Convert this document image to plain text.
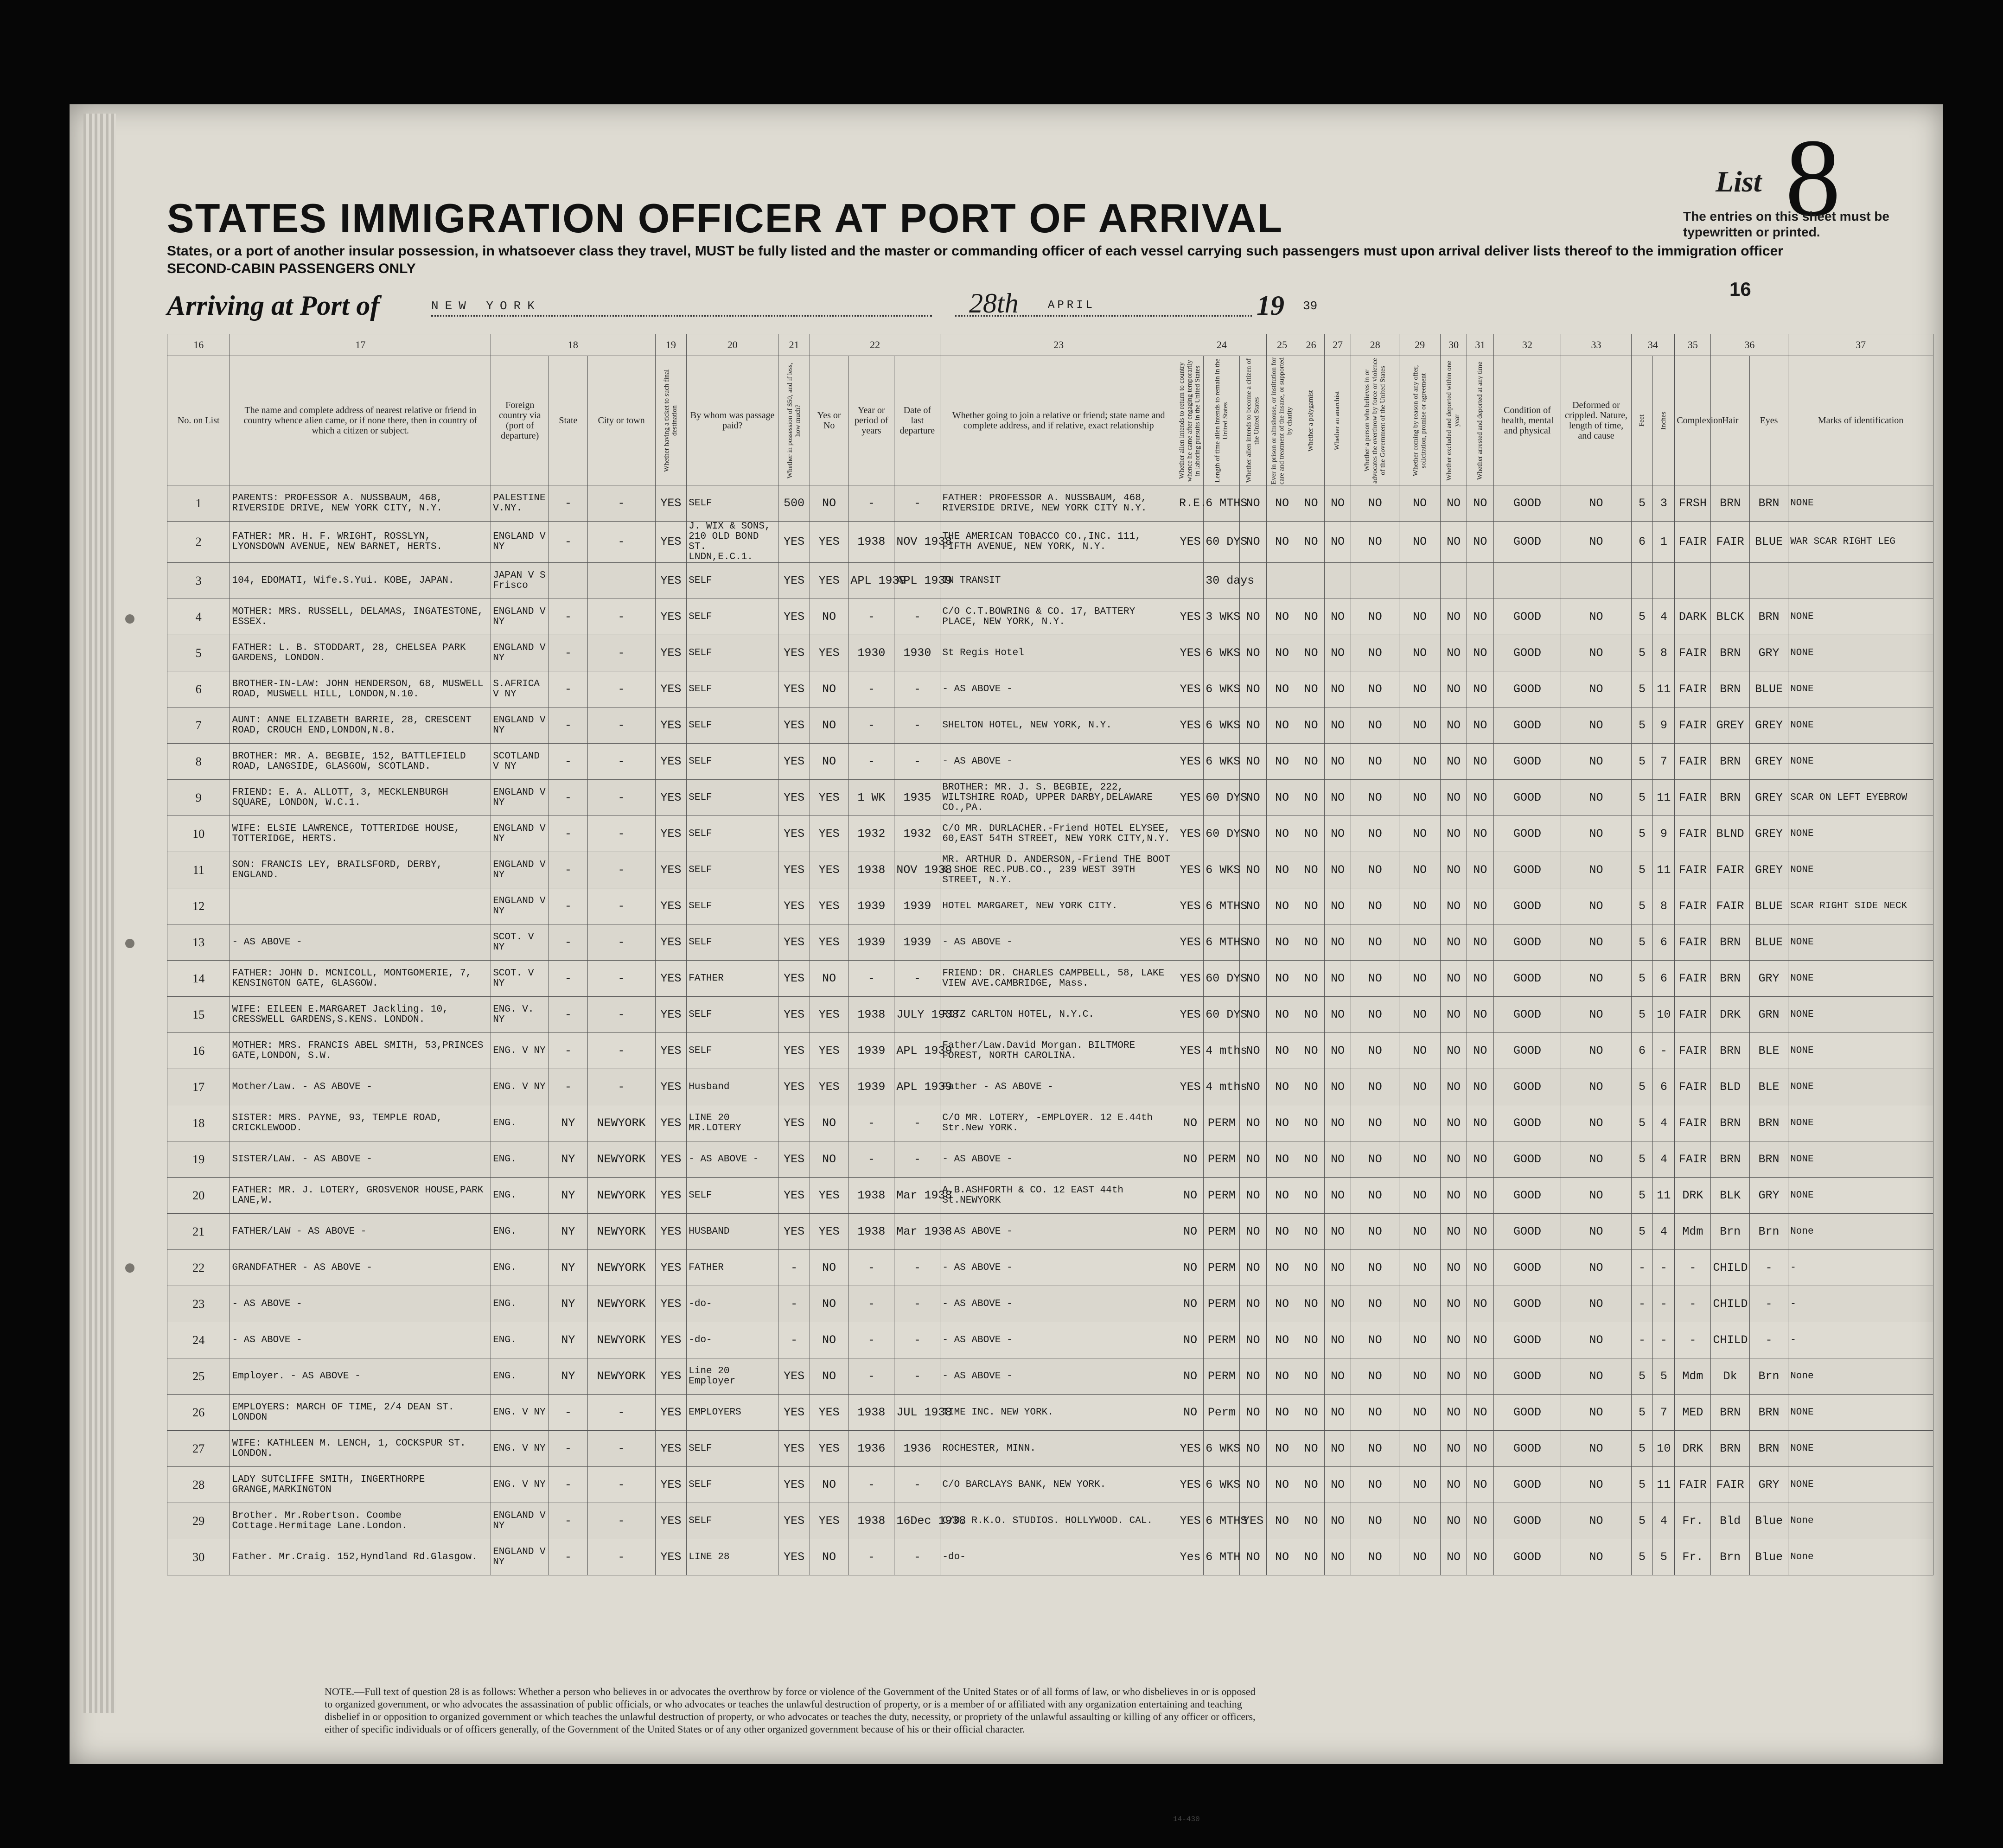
STATES IMMIGRATION OFFICER AT PORT OF ARRIVAL
States, or a port of another insular possession, in whatsoever class they travel, MUST be fully listed and the master or commanding officer of each vessel carrying such passengers must upon arrival deliver lists thereof to the immigration officer
SECOND-CABIN PASSENGERS ONLY
Arriving at Port of	NEW YORK	28th	APRIL	19 39
List 8
The entries on this sheet must be typewritten or printed.
16
16	17	18			19	20	21	22			23	24			25	26	27	28	29	30	31	32	33	34		35	36		37
No. on List	The name and complete address of nearest relative or friend in country whence alien came, or if none there, then in country of which a citizen or subject.	Foreign country via (port of departure)	State	City or town	Whether having a ticket to such final destination	By whom was passage paid?	Whether in possession of $50, and if less, how much?	Yes or No	Year or period of years	Date of last departure	Whether going to join a relative or friend; state name and complete address, and if relative, exact relationship	Whether alien intends to return to country whence he came after engaging temporarily in laboring pursuits in the United States	Length of time alien intends to remain in the United States	Whether alien intends to become a citizen of the United States	Ever in prison or almshouse, or institution for care and treatment of the insane, or supported by charity	Whether a polygamist	Whether an anarchist	Whether a person who believes in or advocates the overthrow by force or violence of the Government of the United States	Whether coming by reason of any offer, solicitation, promise or agreement	Whether excluded and deported within one year	Whether arrested and deported at any time	Condition of health, mental and physical	Deformed or crippled. Nature, length of time, and cause	Feet	Inches	Complexion	Hair	Eyes	Marks of identification
1	PARENTS: PROFESSOR A. NUSSBAUM, 468, RIVERSIDE DRIVE, NEW YORK CITY, N.Y.	PALESTINE V.NY.	-	-	YES	SELF	500	NO	-	-	FATHER: PROFESSOR A. NUSSBAUM, 468, RIVERSIDE DRIVE, NEW YORK CITY N.Y.	R.E.	6 MTHS	NO	NO	NO	NO	NO	NO	NO	NO	GOOD	NO	5	3	FRSH	BRN	BRN	NONE
2	FATHER: MR. H. F. WRIGHT, ROSSLYN, LYONSDOWN AVENUE, NEW BARNET, HERTS.	ENGLAND V NY	-	-	YES	J. WIX & SONS, 210 OLD BOND ST. LNDN,E.C.1.	YES	YES	1938	NOV 1938	THE AMERICAN TOBACCO CO.,INC. 111, FIFTH AVENUE, NEW YORK, N.Y.	YES	60 DYS	NO	NO	NO	NO	NO	NO	NO	NO	GOOD	NO	6	1	FAIR	FAIR	BLUE	WAR SCAR RIGHT LEG
3	104, EDOMATI, Wife.S.Yui. KOBE, JAPAN.	JAPAN V S Frisco			YES	SELF	YES	YES	APL 1939	APL 1939	IN TRANSIT		30 days																
4	MOTHER: MRS. RUSSELL, DELAMAS, INGATESTONE, ESSEX.	ENGLAND V NY	-	-	YES	SELF	YES	NO	-	-	C/O C.T.BOWRING & CO. 17, BATTERY PLACE, NEW YORK, N.Y.	YES	3 WKS	NO	NO	NO	NO	NO	NO	NO	NO	GOOD	NO	5	4	DARK	BLCK	BRN	NONE
5	FATHER: L. B. STODDART, 28, CHELSEA PARK GARDENS, LONDON.	ENGLAND V NY	-	-	YES	SELF	YES	YES	1930	1930	St Regis Hotel	YES	6 WKS	NO	NO	NO	NO	NO	NO	NO	NO	GOOD	NO	5	8	FAIR	BRN	GRY	NONE
6	BROTHER-IN-LAW: JOHN HENDERSON, 68, MUSWELL ROAD, MUSWELL HILL, LONDON,N.10.	S.AFRICA V NY	-	-	YES	SELF	YES	NO	-	-	- AS ABOVE -	YES	6 WKS	NO	NO	NO	NO	NO	NO	NO	NO	GOOD	NO	5	11	FAIR	BRN	BLUE	NONE
7	AUNT: ANNE ELIZABETH BARRIE, 28, CRESCENT ROAD, CROUCH END,LONDON,N.8.	ENGLAND V NY	-	-	YES	SELF	YES	NO	-	-	SHELTON HOTEL, NEW YORK, N.Y.	YES	6 WKS	NO	NO	NO	NO	NO	NO	NO	NO	GOOD	NO	5	9	FAIR	GREY	GREY	NONE
8	BROTHER: MR. A. BEGBIE, 152, BATTLEFIELD ROAD, LANGSIDE, GLASGOW, SCOTLAND.	SCOTLAND V NY	-	-	YES	SELF	YES	NO	-	-	- AS ABOVE -	YES	6 WKS	NO	NO	NO	NO	NO	NO	NO	NO	GOOD	NO	5	7	FAIR	BRN	GREY	NONE
9	FRIEND: E. A. ALLOTT, 3, MECKLENBURGH SQUARE, LONDON, W.C.1.	ENGLAND V NY	-	-	YES	SELF	YES	YES	1 WK	1935	BROTHER: MR. J. S. BEGBIE, 222, WILTSHIRE ROAD, UPPER DARBY,DELAWARE CO.,PA.	YES	60 DYS	NO	NO	NO	NO	NO	NO	NO	NO	GOOD	NO	5	11	FAIR	BRN	GREY	SCAR ON LEFT EYEBROW
10	WIFE: ELSIE LAWRENCE, TOTTERIDGE HOUSE, TOTTERIDGE, HERTS.	ENGLAND V NY	-	-	YES	SELF	YES	YES	1932	1932	C/O MR. DURLACHER.-Friend HOTEL ELYSEE, 60,EAST 54TH STREET, NEW YORK CITY,N.Y.	YES	60 DYS	NO	NO	NO	NO	NO	NO	NO	NO	GOOD	NO	5	9	FAIR	BLND	GREY	NONE
11	SON: FRANCIS LEY, BRAILSFORD, DERBY, ENGLAND.	ENGLAND V NY	-	-	YES	SELF	YES	YES	1938	NOV 1938	MR. ARTHUR D. ANDERSON,-Friend THE BOOT & SHOE REC.PUB.CO., 239 WEST 39TH STREET, N.Y.	YES	6 WKS	NO	NO	NO	NO	NO	NO	NO	NO	GOOD	NO	5	11	FAIR	FAIR	GREY	NONE
12		ENGLAND V NY	-	-	YES	SELF	YES	YES	1939	1939	HOTEL MARGARET, NEW YORK CITY.	YES	6 MTHS	NO	NO	NO	NO	NO	NO	NO	NO	GOOD	NO	5	8	FAIR	FAIR	BLUE	SCAR RIGHT SIDE NECK
13	- AS ABOVE -	SCOT. V NY	-	-	YES	SELF	YES	YES	1939	1939	- AS ABOVE -	YES	6 MTHS	NO	NO	NO	NO	NO	NO	NO	NO	GOOD	NO	5	6	FAIR	BRN	BLUE	NONE
14	FATHER: JOHN D. MCNICOLL, MONTGOMERIE, 7, KENSINGTON GATE, GLASGOW.	SCOT. V NY	-	-	YES	FATHER	YES	NO	-	-	FRIEND: DR. CHARLES CAMPBELL, 58, LAKE VIEW AVE.CAMBRIDGE, Mass.	YES	60 DYS	NO	NO	NO	NO	NO	NO	NO	NO	GOOD	NO	5	6	FAIR	BRN	GRY	NONE
15	WIFE: EILEEN E.MARGARET Jackling. 10, CRESSWELL GARDENS,S.KENS. LONDON.	ENG. V. NY	-	-	YES	SELF	YES	YES	1938	JULY 1938	RITZ CARLTON HOTEL, N.Y.C.	YES	60 DYS	NO	NO	NO	NO	NO	NO	NO	NO	GOOD	NO	5	10	FAIR	DRK	GRN	NONE
16	MOTHER: MRS. FRANCIS ABEL SMITH, 53,PRINCES GATE,LONDON, S.W.	ENG. V NY	-	-	YES	SELF	YES	YES	1939	APL 1939	Father/Law.David Morgan. BILTMORE FOREST, NORTH CAROLINA.	YES	4 mths	NO	NO	NO	NO	NO	NO	NO	NO	GOOD	NO	6	-	FAIR	BRN	BLE	NONE
17	Mother/Law. - AS ABOVE -	ENG. V NY	-	-	YES	Husband	YES	YES	1939	APL 1939	Father - AS ABOVE -	YES	4 mths	NO	NO	NO	NO	NO	NO	NO	NO	GOOD	NO	5	6	FAIR	BLD	BLE	NONE
18	SISTER: MRS. PAYNE, 93, TEMPLE ROAD, CRICKLEWOOD.	ENG.	NY	NEWYORK	YES	LINE 20 MR.LOTERY	YES	NO	-	-	C/O MR. LOTERY, -EMPLOYER. 12 E.44th Str.New YORK.	NO	PERM	NO	NO	NO	NO	NO	NO	NO	NO	GOOD	NO	5	4	FAIR	BRN	BRN	NONE
19	SISTER/LAW. - AS ABOVE -	ENG.	NY	NEWYORK	YES	- AS ABOVE -	YES	NO	-	-	- AS ABOVE -	NO	PERM	NO	NO	NO	NO	NO	NO	NO	NO	GOOD	NO	5	4	FAIR	BRN	BRN	NONE
20	FATHER: MR. J. LOTERY, GROSVENOR HOUSE,PARK LANE,W.	ENG.	NY	NEWYORK	YES	SELF	YES	YES	1938	Mar 1938	A.B.ASHFORTH & CO. 12 EAST 44th St.NEWYORK	NO	PERM	NO	NO	NO	NO	NO	NO	NO	NO	GOOD	NO	5	11	DRK	BLK	GRY	NONE
21	FATHER/LAW - AS ABOVE -	ENG.	NY	NEWYORK	YES	HUSBAND	YES	YES	1938	Mar 1938	- AS ABOVE -	NO	PERM	NO	NO	NO	NO	NO	NO	NO	NO	GOOD	NO	5	4	Mdm	Brn	Brn	None
22	GRANDFATHER - AS ABOVE -	ENG.	NY	NEWYORK	YES	FATHER	-	NO	-	-	- AS ABOVE -	NO	PERM	NO	NO	NO	NO	NO	NO	NO	NO	GOOD	NO	-	-	-	CHILD	-	-
23	- AS ABOVE -	ENG.	NY	NEWYORK	YES	-do-	-	NO	-	-	- AS ABOVE -	NO	PERM	NO	NO	NO	NO	NO	NO	NO	NO	GOOD	NO	-	-	-	CHILD	-	-
24	- AS ABOVE -	ENG.	NY	NEWYORK	YES	-do-	-	NO	-	-	- AS ABOVE -	NO	PERM	NO	NO	NO	NO	NO	NO	NO	NO	GOOD	NO	-	-	-	CHILD	-	-
25	Employer. - AS ABOVE -	ENG.	NY	NEWYORK	YES	Line 20 Employer	YES	NO	-	-	- AS ABOVE -	NO	PERM	NO	NO	NO	NO	NO	NO	NO	NO	GOOD	NO	5	5	Mdm	Dk	Brn	None
26	EMPLOYERS: MARCH OF TIME, 2/4 DEAN ST. LONDON	ENG. V NY	-	-	YES	EMPLOYERS	YES	YES	1938	JUL 1938	TIME INC. NEW YORK.	NO	Perm	NO	NO	NO	NO	NO	NO	NO	NO	GOOD	NO	5	7	MED	BRN	BRN	NONE
27	WIFE: KATHLEEN M. LENCH, 1, COCKSPUR ST. LONDON.	ENG. V NY	-	-	YES	SELF	YES	YES	1936	1936	ROCHESTER, MINN.	YES	6 WKS	NO	NO	NO	NO	NO	NO	NO	NO	GOOD	NO	5	10	DRK	BRN	BRN	NONE
28	LADY SUTCLIFFE SMITH, INGERTHORPE GRANGE,MARKINGTON	ENG. V NY	-	-	YES	SELF	YES	NO	-	-	C/O BARCLAYS BANK, NEW YORK.	YES	6 WKS	NO	NO	NO	NO	NO	NO	NO	NO	GOOD	NO	5	11	FAIR	FAIR	GRY	NONE
29	Brother. Mr.Robertson. Coombe Cottage.Hermitage Lane.London.	ENGLAND V NY	-	-	YES	SELF	YES	YES	1938	16Dec 1938	C/O. R.K.O. STUDIOS. HOLLYWOOD. CAL.	YES	6 MTHS	YES	NO	NO	NO	NO	NO	NO	NO	GOOD	NO	5	4	Fr.	Bld	Blue	None
30	Father. Mr.Craig. 152,Hyndland Rd.Glasgow.	ENGLAND V NY	-	-	YES	LINE 28	YES	NO	-	-	-do-	Yes	6 MTH	NO	NO	NO	NO	NO	NO	NO	NO	GOOD	NO	5	5	Fr.	Brn	Blue	None
NOTE.—Full text of question 28 is as follows: Whether a person who believes in or advocates the overthrow by force or violence of the Government of the United States or of all forms of law, or who disbelieves in or is opposed to organized government, or who advocates the assassination of public officials, or who advocates or teaches the unlawful destruction of property, or is a member of or affiliated with any organization entertaining and teaching disbelief in or opposition to organized government or which teaches the unlawful destruction of property, or who advocates or teaches the duty, necessity, or propriety of the unlawful assaulting or killing of any officer or officers, either of specific individuals or of officers generally, of the Government of the United States or of any other organized government because of his or their official character.
14-430
